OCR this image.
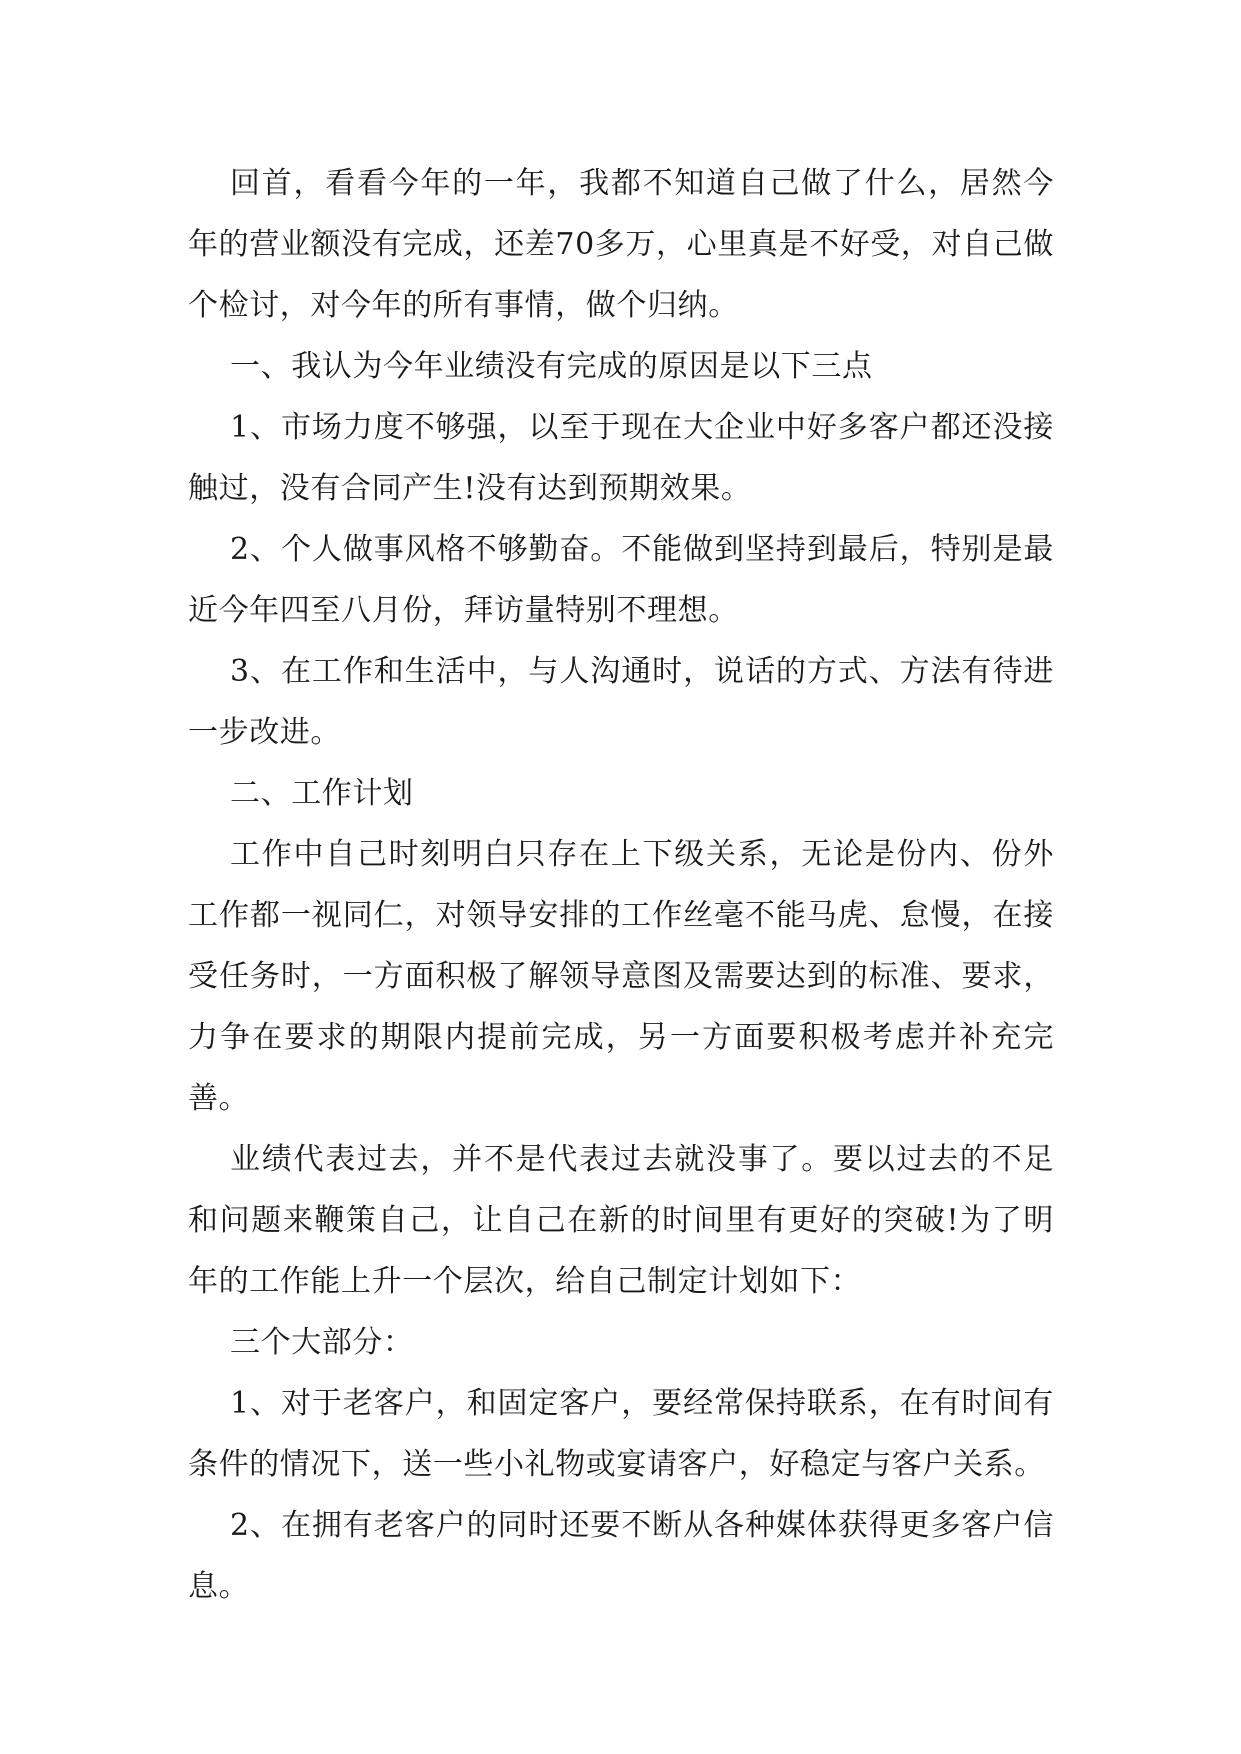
回首，看看今年的一年，我都不知道自己做了什么，居然今年的营业额没有完成，还差70多万，心里真是不好受，对自己做个检讨，对今年的所有事情，做个归纳。

一、我认为今年业绩没有完成的原因是以下三点

1、市场力度不够强，以至于现在大企业中好多客户都还没接触过，没有合同产生!没有达到预期效果。

2、个人做事风格不够勤奋。不能做到坚持到最后，特别是最近今年四至八月份，拜访量特别不理想。

3、在工作和生活中，与人沟通时，说话的方式、方法有待进一步改进。

二、工作计划

工作中自己时刻明白只存在上下级关系，无论是份内、份外工作都一视同仁，对领导安排的工作丝毫不能马虎、怠慢，在接受任务时，一方面积极了解领导意图及需要达到的标准、要求，力争在要求的期限内提前完成，另一方面要积极考虑并补充完善。

业绩代表过去，并不是代表过去就没事了。要以过去的不足和问题来鞭策自己，让自己在新的时间里有更好的突破!为了明年的工作能上升一个层次，给自己制定计划如下：

三个大部分：

1、对于老客户，和固定客户，要经常保持联系，在有时间有条件的情况下，送一些小礼物或宴请客户，好稳定与客户关系。

2、在拥有老客户的同时还要不断从各种媒体获得更多客户信息。
